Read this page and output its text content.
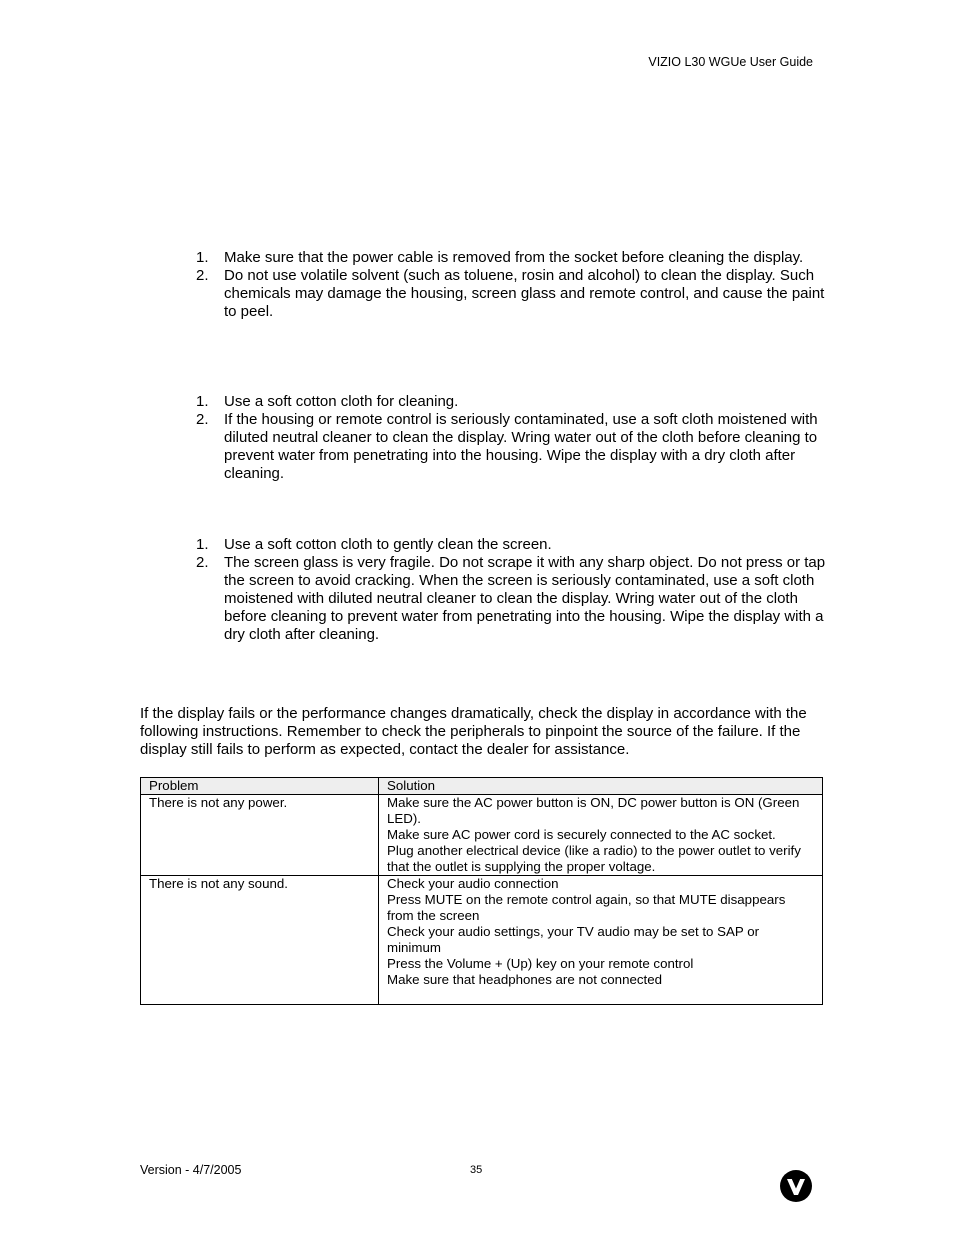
VIZIO L30 WGUe User Guide
1.	Make sure that the power cable is removed from the socket before cleaning the display.
2.	Do not use volatile solvent (such as toluene, rosin and alcohol) to clean the display. Such chemicals may damage the housing, screen glass and remote control, and cause the paint to peel.
1.	Use a soft cotton cloth for cleaning.
2.	If the housing or remote control is seriously contaminated, use a soft cloth moistened with diluted neutral cleaner to clean the display. Wring water out of the cloth before cleaning to prevent water from penetrating into the housing. Wipe the display with a dry cloth after cleaning.
1.	Use a soft cotton cloth to gently clean the screen.
2.	The screen glass is very fragile. Do not scrape it with any sharp object. Do not press or tap the screen to avoid cracking. When the screen is seriously contaminated, use a soft cloth moistened with diluted neutral cleaner to clean the display. Wring water out of the cloth before cleaning to prevent water from penetrating into the housing. Wipe the display with a dry cloth after cleaning.

If the display fails or the performance changes dramatically, check the display in accordance with the following instructions. Remember to check the peripherals to pinpoint the source of the failure. If the display still fails to perform as expected, contact the dealer for assistance.

Problem	Solution
There is not any power.	Make sure the AC power button is ON, DC power button is ON (Green LED).
Make sure AC power cord is securely connected to the AC socket.
Plug another electrical device (like a radio) to the power outlet to verify that the outlet is supplying the proper voltage.

There is not any sound.	Check your audio connection
Press MUTE on the remote control again, so that MUTE disappears from the screen
Check your audio settings, your TV audio may be set to SAP or minimum
Press the Volume + (Up) key on your remote control
Make sure that headphones are not connected
Version - 4/7/2005	35
